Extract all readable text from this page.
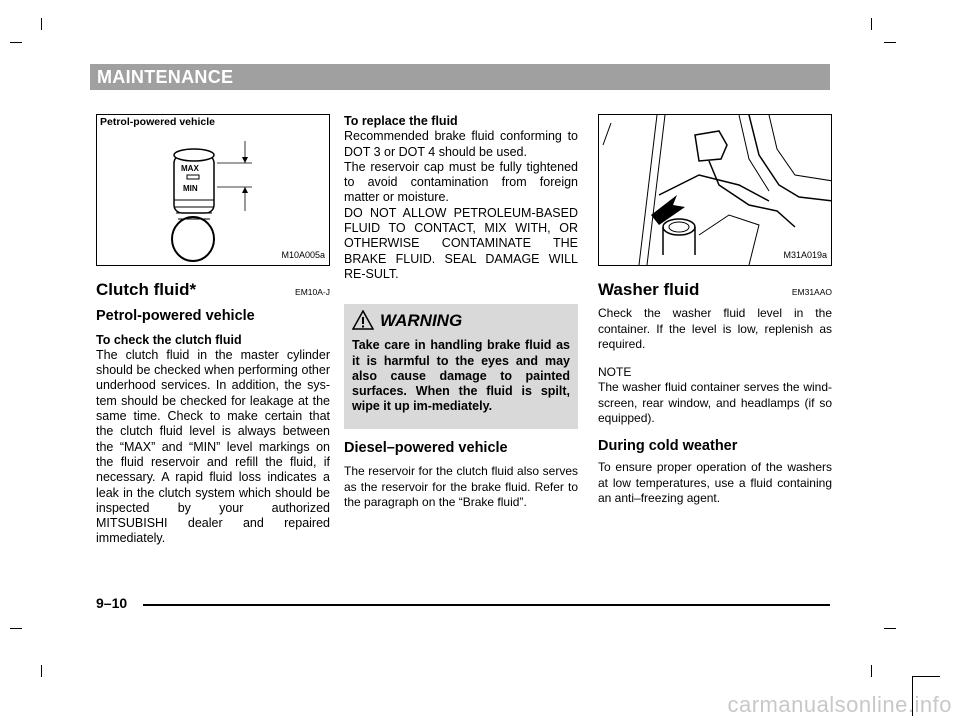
MAINTENANCE
Petrol-powered vehicle
MAX
MIN
M10A005a
Clutch fluid*	EM10A-J
Petrol-powered vehicle
To check the clutch fluid
The clutch fluid in the master cylinder should be checked when performing other underhood services. In addition, the sys-tem should be checked for leakage at the same time. Check to make certain that the clutch fluid level is always between the “MAX” and “MIN” level markings on the fluid reservoir and refill the fluid, if necessary. A rapid fluid loss indicates a leak in the clutch system which should be inspected by your authorized MITSUBISHI dealer and repaired immediately.
To replace the fluid
Recommended brake fluid conforming to DOT 3 or DOT 4 should be used.
The reservoir cap must be fully tightened to avoid contamination from foreign matter or moisture.
DO NOT ALLOW PETROLEUM-BASED FLUID TO CONTACT, MIX WITH, OR OTHERWISE CONTAMINATE THE BRAKE FLUID. SEAL DAMAGE WILL RE-SULT.
WARNING
Take care in handling brake fluid as it is harmful to the eyes and may also cause damage to painted surfaces. When the fluid is spilt, wipe it up im-mediately.
Diesel–powered vehicle
The reservoir for the clutch fluid also serves as the reservoir for the brake fluid. Refer to the paragraph on the “Brake fluid”.
M31A019a
Washer fluid	EM31AAO
Check the washer fluid level in the container. If the level is low, replenish as required.
NOTE
The washer fluid container serves the wind-screen, rear window, and headlamps (if so equipped).
During cold weather
To ensure proper operation of the washers at low temperatures, use a fluid containing an anti–freezing agent.
9–10
carmanualsonline.info
